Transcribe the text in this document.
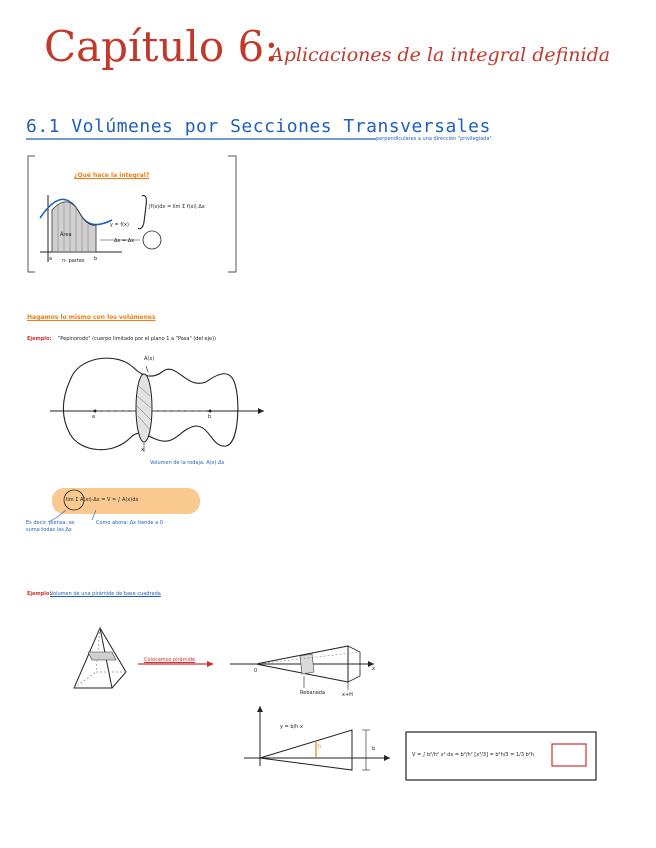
Capítulo 6:
Aplicaciones de la integral definida
6.1 Volúmenes por Secciones Transversales
perpendiculares a una dirección "privilegiada".
¿Qué hace la integral?
∫f(x)dx = lím Σ f(xi) Δx
y = f(x)
Δx = Δx
Área
a	b
n- partes
Hagamos lo mismo con los volúmenes
Ejemplo: "Pepinorodo" (cuerpo limitado por el plano 1 a "Pasa" (del eje))
A(x)
a
x
b
Volumen de la rodaja: A(x)·Δx
lím Σ A(xi)·Δx = V = ∫ A(x)dx
Es decir, piensa, se suma todas las Δx
Como ahora: Δx tiende a 0
Ejemplo:
Volumen de una pirámide de base cuadrada
Colocamos pirámide
0
Rebanada	x+H
x
y = b/h·x
h	b
V = ∫ b²/h² x² dx = b²/h² [x³/3] = b²h/3 = 1/3 b²h
